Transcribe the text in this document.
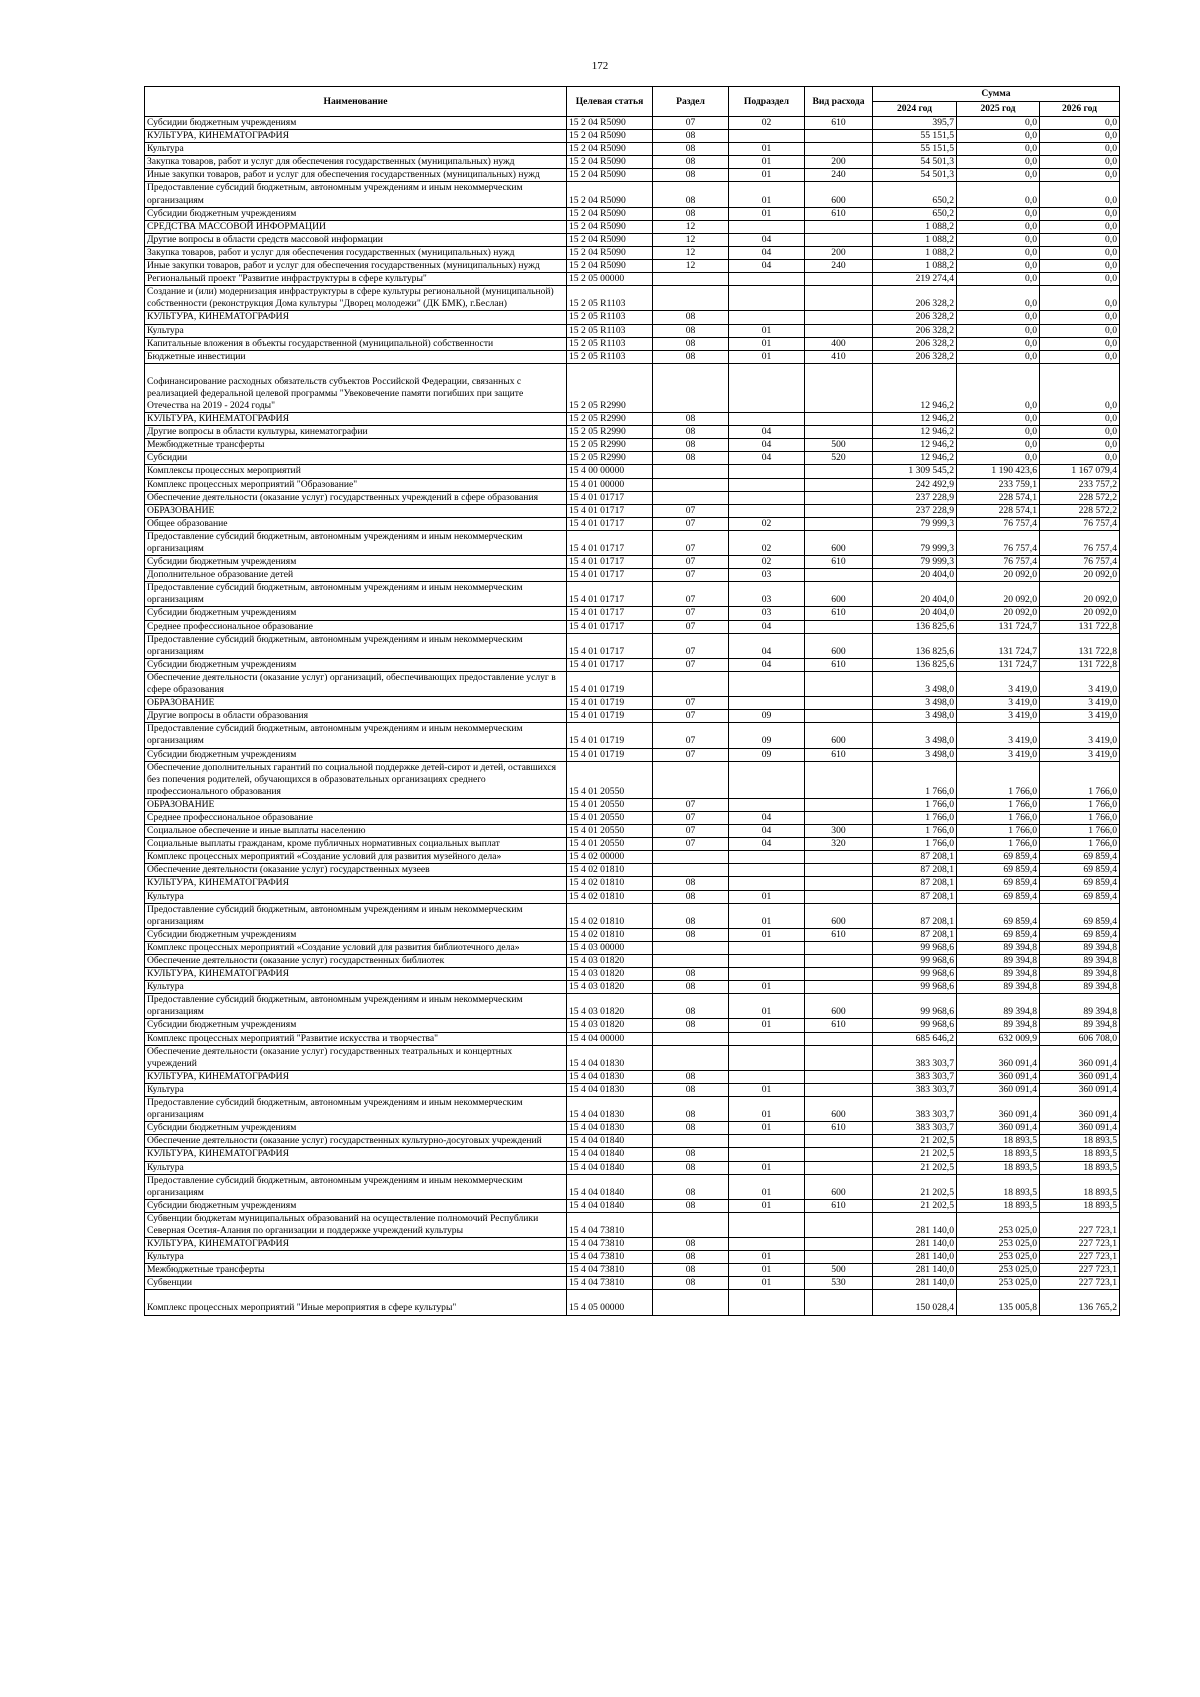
172
Наименование	Целевая статья	Раздел	Подраздел	Вид расхода	Сумма		
					2024 год	2025 год	2026 год
Субсидии бюджетным учреждениям	15 2 04 R5090	07	02	610	395,7	0,0	0,0
КУЛЬТУРА, КИНЕМАТОГРАФИЯ	15 2 04 R5090	08			55 151,5	0,0	0,0
Культура	15 2 04 R5090	08	01		55 151,5	0,0	0,0
Закупка товаров, работ и услуг для обеспечения государственных (муниципальных) нужд	15 2 04 R5090	08	01	200	54 501,3	0,0	0,0
Иные закупки товаров, работ и услуг для обеспечения государственных (муниципальных) нужд	15 2 04 R5090	08	01	240	54 501,3	0,0	0,0
Предоставление субсидий бюджетным, автономным учреждениям и иным некоммерческим организациям	15 2 04 R5090	08	01	600	650,2	0,0	0,0
Субсидии бюджетным учреждениям	15 2 04 R5090	08	01	610	650,2	0,0	0,0
СРЕДСТВА МАССОВОЙ ИНФОРМАЦИИ	15 2 04 R5090	12			1 088,2	0,0	0,0
Другие вопросы в области средств массовой информации	15 2 04 R5090	12	04		1 088,2	0,0	0,0
Закупка товаров, работ и услуг для обеспечения государственных (муниципальных) нужд	15 2 04 R5090	12	04	200	1 088,2	0,0	0,0
Иные закупки товаров, работ и услуг для обеспечения государственных (муниципальных) нужд	15 2 04 R5090	12	04	240	1 088,2	0,0	0,0
Региональный проект "Развитие инфраструктуры в сфере культуры"	15 2 05 00000				219 274,4	0,0	0,0
Создание и (или) модернизация инфраструктуры в сфере культуры региональной (муниципальной) собственности (реконструкция Дома культуры "Дворец молодежи" (ДК БМК), г.Беслан)	15 2 05 R1103				206 328,2	0,0	0,0
КУЛЬТУРА, КИНЕМАТОГРАФИЯ	15 2 05 R1103	08			206 328,2	0,0	0,0
Культура	15 2 05 R1103	08	01		206 328,2	0,0	0,0
Капитальные вложения в объекты государственной (муниципальной) собственности	15 2 05 R1103	08	01	400	206 328,2	0,0	0,0
Бюджетные инвестиции	15 2 05 R1103	08	01	410	206 328,2	0,0	0,0
Софинансирование расходных обязательств субъектов Российской Федерации, связанных с реализацией федеральной целевой программы "Увековечение памяти погибших при защите Отечества на 2019 - 2024 годы"	15 2 05 R2990				12 946,2	0,0	0,0
КУЛЬТУРА, КИНЕМАТОГРАФИЯ	15 2 05 R2990	08			12 946,2	0,0	0,0
Другие вопросы в области культуры, кинематографии	15 2 05 R2990	08	04		12 946,2	0,0	0,0
Межбюджетные трансферты	15 2 05 R2990	08	04	500	12 946,2	0,0	0,0
Субсидии	15 2 05 R2990	08	04	520	12 946,2	0,0	0,0
Комплексы процессных мероприятий	15 4 00 00000				1 309 545,2	1 190 423,6	1 167 079,4
Комплекс процессных мероприятий "Образование"	15 4 01 00000				242 492,9	233 759,1	233 757,2
Обеспечение деятельности (оказание услуг) государственных учреждений в сфере образования	15 4 01 01717				237 228,9	228 574,1	228 572,2
ОБРАЗОВАНИЕ	15 4 01 01717	07			237 228,9	228 574,1	228 572,2
Общее образование	15 4 01 01717	07	02		79 999,3	76 757,4	76 757,4
Предоставление субсидий бюджетным, автономным учреждениям и иным некоммерческим организациям	15 4 01 01717	07	02	600	79 999,3	76 757,4	76 757,4
Субсидии бюджетным учреждениям	15 4 01 01717	07	02	610	79 999,3	76 757,4	76 757,4
Дополнительное образование детей	15 4 01 01717	07	03		20 404,0	20 092,0	20 092,0
Предоставление субсидий бюджетным, автономным учреждениям и иным некоммерческим организациям	15 4 01 01717	07	03	600	20 404,0	20 092,0	20 092,0
Субсидии бюджетным учреждениям	15 4 01 01717	07	03	610	20 404,0	20 092,0	20 092,0
Среднее профессиональное образование	15 4 01 01717	07	04		136 825,6	131 724,7	131 722,8
Предоставление субсидий бюджетным, автономным учреждениям и иным некоммерческим организациям	15 4 01 01717	07	04	600	136 825,6	131 724,7	131 722,8
Субсидии бюджетным учреждениям	15 4 01 01717	07	04	610	136 825,6	131 724,7	131 722,8
Обеспечение деятельности (оказание услуг) организаций, обеспечивающих предоставление услуг в сфере образования	15 4 01 01719				3 498,0	3 419,0	3 419,0
ОБРАЗОВАНИЕ	15 4 01 01719	07			3 498,0	3 419,0	3 419,0
Другие вопросы в области образования	15 4 01 01719	07	09		3 498,0	3 419,0	3 419,0
Предоставление субсидий бюджетным, автономным учреждениям и иным некоммерческим организациям	15 4 01 01719	07	09	600	3 498,0	3 419,0	3 419,0
Субсидии бюджетным учреждениям	15 4 01 01719	07	09	610	3 498,0	3 419,0	3 419,0
Обеспечение дополнительных гарантий по социальной поддержке детей-сирот и детей, оставшихся без попечения родителей, обучающихся в образовательных организациях среднего профессионального образования	15 4 01 20550				1 766,0	1 766,0	1 766,0
ОБРАЗОВАНИЕ	15 4 01 20550	07			1 766,0	1 766,0	1 766,0
Среднее профессиональное образование	15 4 01 20550	07	04		1 766,0	1 766,0	1 766,0
Социальное обеспечение и иные выплаты населению	15 4 01 20550	07	04	300	1 766,0	1 766,0	1 766,0
Социальные выплаты гражданам, кроме публичных нормативных социальных выплат	15 4 01 20550	07	04	320	1 766,0	1 766,0	1 766,0
Комплекс процессных мероприятий «Создание условий для развития музейного дела»	15 4 02 00000				87 208,1	69 859,4	69 859,4
Обеспечение деятельности (оказание услуг) государственных музеев	15 4 02 01810				87 208,1	69 859,4	69 859,4
КУЛЬТУРА, КИНЕМАТОГРАФИЯ	15 4 02 01810	08			87 208,1	69 859,4	69 859,4
Культура	15 4 02 01810	08	01		87 208,1	69 859,4	69 859,4
Предоставление субсидий бюджетным, автономным учреждениям и иным некоммерческим организациям	15 4 02 01810	08	01	600	87 208,1	69 859,4	69 859,4
Субсидии бюджетным учреждениям	15 4 02 01810	08	01	610	87 208,1	69 859,4	69 859,4
Комплекс процессных мероприятий «Создание условий для развития библиотечного дела»	15 4 03 00000				99 968,6	89 394,8	89 394,8
Обеспечение деятельности (оказание услуг) государственных библиотек	15 4 03 01820				99 968,6	89 394,8	89 394,8
КУЛЬТУРА, КИНЕМАТОГРАФИЯ	15 4 03 01820	08			99 968,6	89 394,8	89 394,8
Культура	15 4 03 01820	08	01		99 968,6	89 394,8	89 394,8
Предоставление субсидий бюджетным, автономным учреждениям и иным некоммерческим организациям	15 4 03 01820	08	01	600	99 968,6	89 394,8	89 394,8
Субсидии бюджетным учреждениям	15 4 03 01820	08	01	610	99 968,6	89 394,8	89 394,8
Комплекс процессных мероприятий "Развитие искусства и творчества"	15 4 04 00000				685 646,2	632 009,9	606 708,0
Обеспечение деятельности (оказание услуг) государственных театральных и концертных учреждений	15 4 04 01830				383 303,7	360 091,4	360 091,4
КУЛЬТУРА, КИНЕМАТОГРАФИЯ	15 4 04 01830	08			383 303,7	360 091,4	360 091,4
Культура	15 4 04 01830	08	01		383 303,7	360 091,4	360 091,4
Предоставление субсидий бюджетным, автономным учреждениям и иным некоммерческим организациям	15 4 04 01830	08	01	600	383 303,7	360 091,4	360 091,4
Субсидии бюджетным учреждениям	15 4 04 01830	08	01	610	383 303,7	360 091,4	360 091,4
Обеспечение деятельности (оказание услуг) государственных культурно-досуговых учреждений	15 4 04 01840				21 202,5	18 893,5	18 893,5
КУЛЬТУРА, КИНЕМАТОГРАФИЯ	15 4 04 01840	08			21 202,5	18 893,5	18 893,5
Культура	15 4 04 01840	08	01		21 202,5	18 893,5	18 893,5
Предоставление субсидий бюджетным, автономным учреждениям и иным некоммерческим организациям	15 4 04 01840	08	01	600	21 202,5	18 893,5	18 893,5
Субсидии бюджетным учреждениям	15 4 04 01840	08	01	610	21 202,5	18 893,5	18 893,5
Субвенции бюджетам муниципальных образований на осуществление полномочий Республики Северная Осетия-Алания по организации и поддержке учреждений культуры	15 4 04 73810				281 140,0	253 025,0	227 723,1
КУЛЬТУРА, КИНЕМАТОГРАФИЯ	15 4 04 73810	08			281 140,0	253 025,0	227 723,1
Культура	15 4 04 73810	08	01		281 140,0	253 025,0	227 723,1
Межбюджетные трансферты	15 4 04 73810	08	01	500	281 140,0	253 025,0	227 723,1
Субвенции	15 4 04 73810	08	01	530	281 140,0	253 025,0	227 723,1
Комплекс процессных мероприятий "Иные мероприятия в сфере культуры"	15 4 05 00000				150 028,4	135 005,8	136 765,2
